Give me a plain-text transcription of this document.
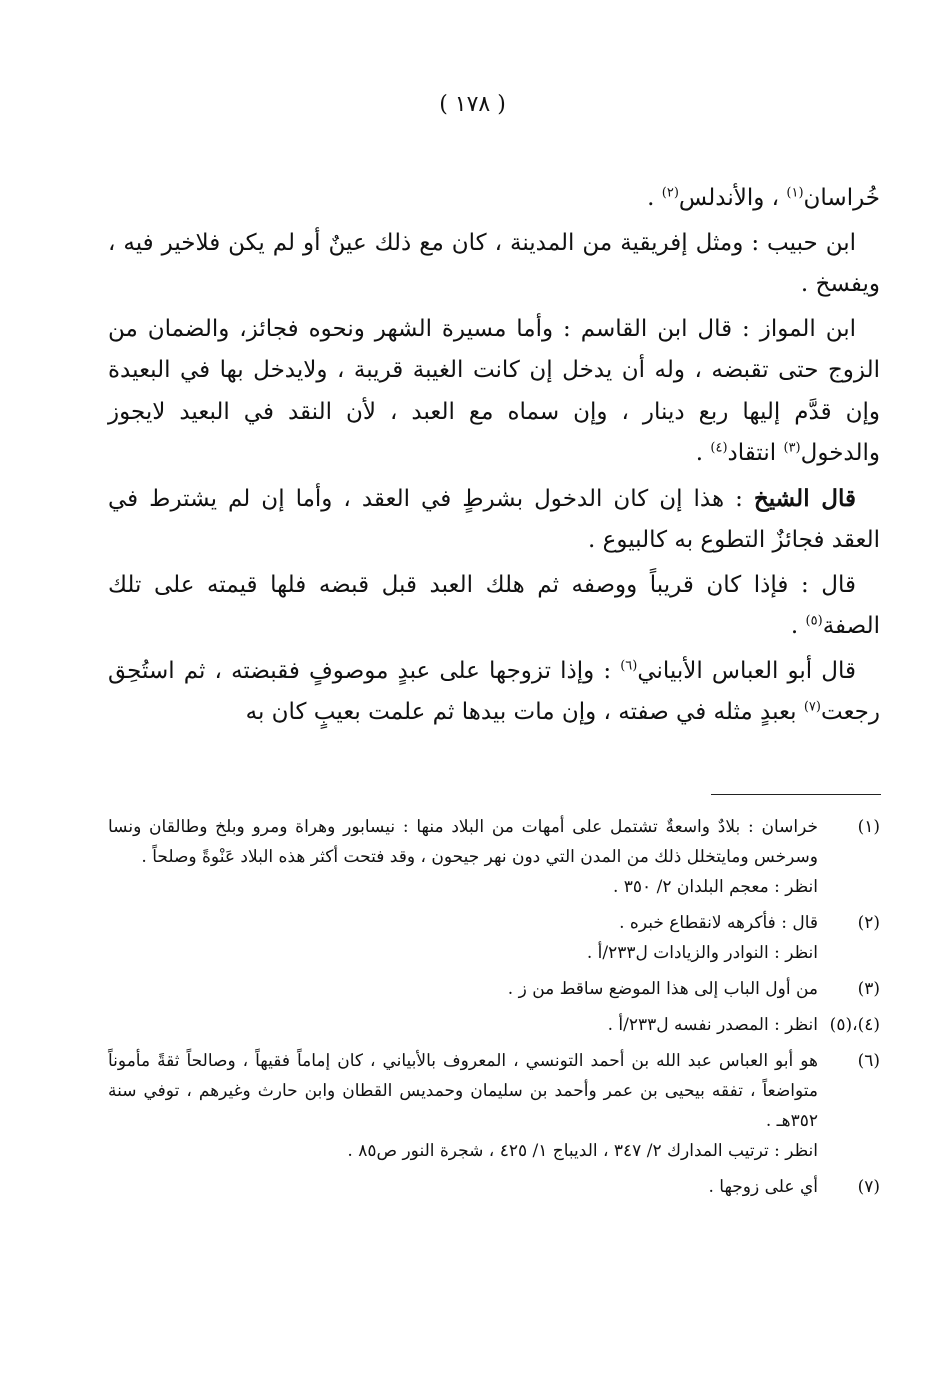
( ١٧٨ )

خُراسان$^{(١)}$ ، والأندلس$^{(٢)}$ .

ابن حبيب : ومثل إفريقية من المدينة ، كان مع ذلك عينٌ أو لم يكن فلاخير فيه ، ويفسخ .

ابن المواز : قال ابن القاسم : وأما مسيرة الشهر ونحوه فجائز، والضمان من الزوج حتى تقبضه ، وله أن يدخل إن كانت الغيبة قريبة ، ولايدخل بها في البعيدة وإن قدَّم إليها ربع دينار ، وإن سماه مع العبد ، لأن النقد في البعيد لايجوز والدخول$^{(٣)}$ انتقاد$^{(٤)}$ .

قال الشيخ : هذا إن كان الدخول بشرطٍ في العقد ، وأما إن لم يشترط في العقد فجائزٌ التطوع به كالبيوع .

قال : فإذا كان قريباً ووصفه ثم هلك العبد قبل قبضه فلها قيمته على تلك الصفة$^{(٥)}$ .

قال أبو العباس الأبياني$^{(٦)}$ : وإذا تزوجها على عبدٍ موصوفٍ فقبضته ، ثم استُحِق رجعت$^{(٧)}$ بعبدٍ مثله في صفته ، وإن مات بيدها ثم علمت بعيبٍ كان به

(١)
خراسان : بلادٌ واسعةٌ تشتمل على أمهات من البلاد منها : نيسابور وهراة ومرو وبلخ وطالقان ونسا وسرخس ومايتخلل ذلك من المدن التي دون نهر جيحون ، وقد فتحت أكثر هذه البلاد عَنْوةً وصلحاً .
انظر : معجم البلدان ٢/ ٣٥٠ .
(٢)
قال : فأكرهه لانقطاع خبره .
انظر : النوادر والزيادات ل٢٣٣/أ .
(٣)
من أول الباب إلى هذا الموضع ساقط من ز .
(٤)،(٥)
انظر : المصدر نفسه ل٢٣٣/أ .
(٦)
هو أبو العباس عبد الله بن أحمد التونسي ، المعروف بالأبياني ، كان إماماً فقيهاً ، وصالحاً ثقةً مأموناً متواضعاً ، تفقه بيحيى بن عمر وأحمد بن سليمان وحمديس القطان وابن حارث وغيرهم ، توفي سنة ٣٥٢هـ .
انظر : ترتيب المدارك ٢/ ٣٤٧ ، الديباج ١/ ٤٢٥ ، شجرة النور ص٨٥ .
(٧)
أي على زوجها .
